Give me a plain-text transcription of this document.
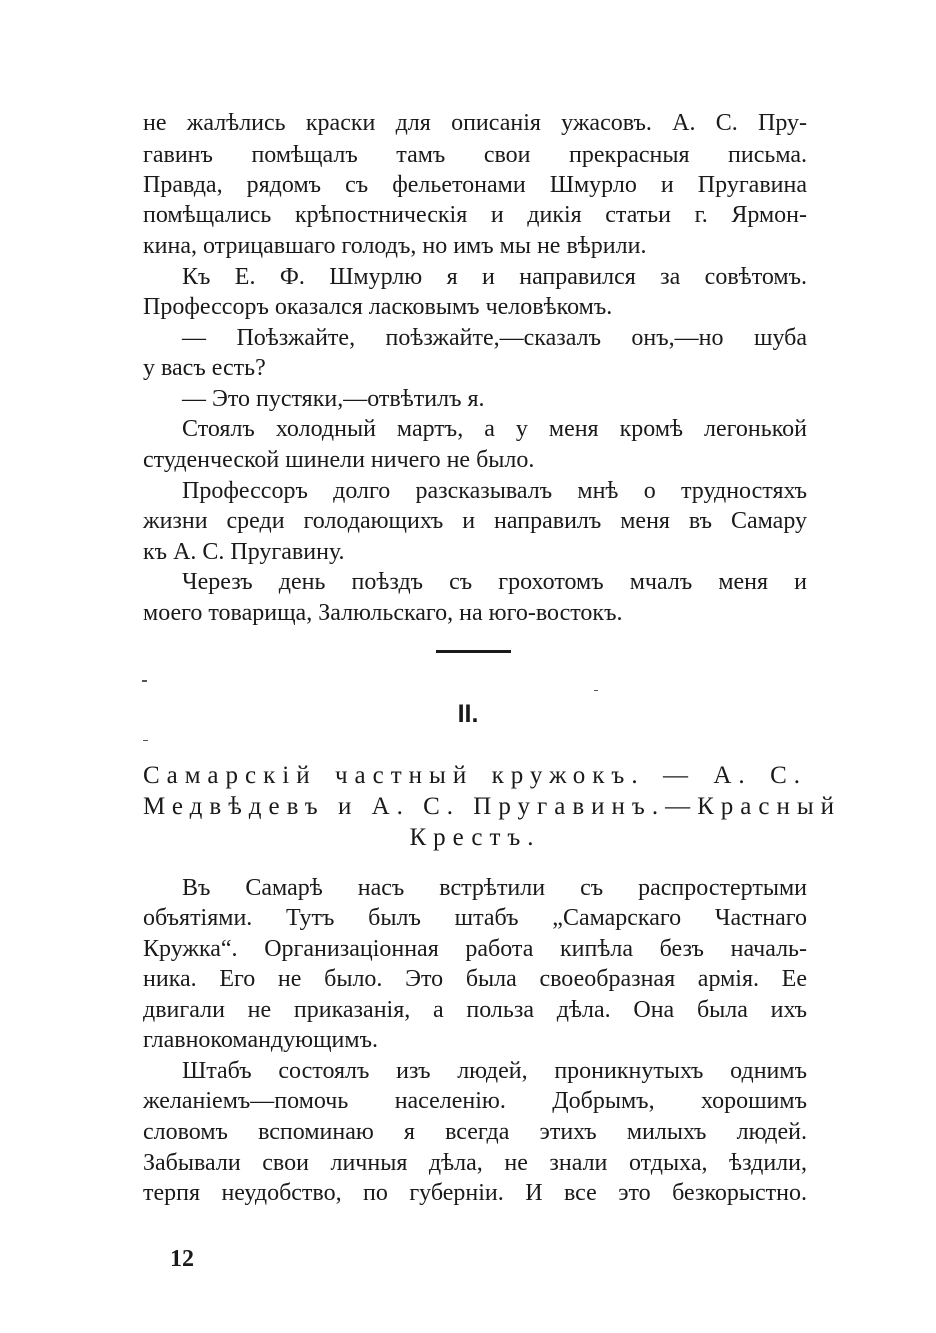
не жалѣлись краски для описанія ужасовъ. А. С. Пру-
гавинъ помѣщалъ тамъ свои прекрасныя письма.
Правда, рядомъ съ фельетонами Шмурло и Пругавина
помѣщались крѣпостническія и дикія статьи г. Ярмон-
кина, отрицавшаго голодъ, но имъ мы не вѣрили.
Къ Е. Ф. Шмурлю я и направился за совѣтомъ.
Профессоръ оказался ласковымъ человѣкомъ.
— Поѣзжайте, поѣзжайте,—сказалъ онъ,—но шуба
у васъ есть?
— Это пустяки,—отвѣтилъ я.
Стоялъ холодный мартъ, а у меня кромѣ легонькой
студенческой шинели ничего не было.
Профессоръ долго разсказывалъ мнѣ о трудностяхъ
жизни среди голодающихъ и направилъ меня въ Самару
къ А. С. Пругавину.
Черезъ день поѣздъ съ грохотомъ мчалъ меня и
моего товарища, Залюльскаго, на юго-востокъ.
II.
Самарскій частный кружокъ. — А. С.
Медвѣдевъ и А. С. Пругавинъ.—Красный
Крестъ.
Въ Самарѣ насъ встрѣтили съ распростертыми
объятіями. Тутъ былъ штабъ „Самарскаго Частнаго
Кружка“. Организаціонная работа кипѣла безъ началь-
ника. Его не было. Это была своеобразная армія. Ее
двигали не приказанія, а польза дѣла. Она была ихъ
главнокомандующимъ.
Штабъ состоялъ изъ людей, проникнутыхъ однимъ
желаніемъ—помочь населенію. Добрымъ, хорошимъ
словомъ вспоминаю я всегда этихъ милыхъ людей.
Забывали свои личныя дѣла, не знали отдыха, ѣздили,
терпя неудобство, по губерніи. И все это безкорыстно.
12
